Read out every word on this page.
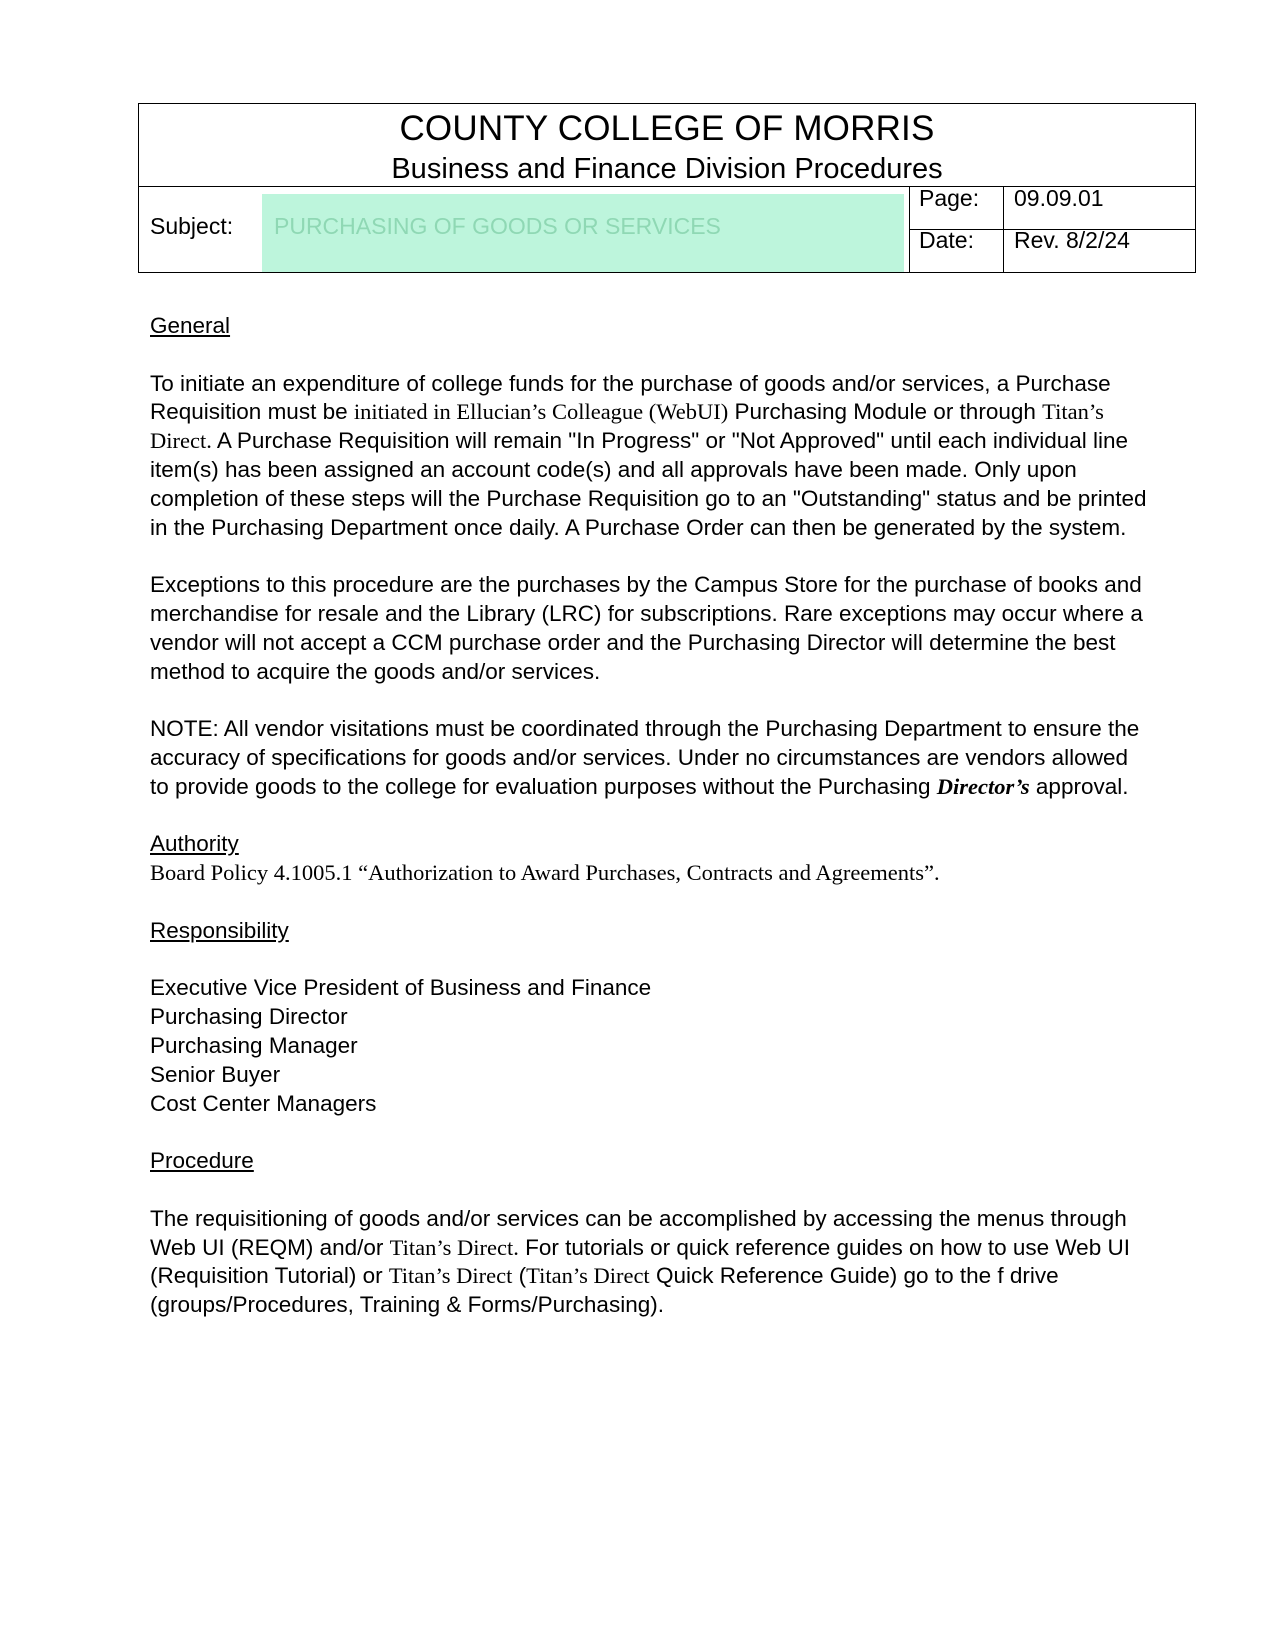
COUNTY COLLEGE OF MORRIS
Business and Finance Division Procedures
Subject: PURCHASING OF GOODS OR SERVICES
Page: 09.09.01
Date: Rev. 8/2/24

General

To initiate an expenditure of college funds for the purchase of goods and/or services, a Purchase Requisition must be initiated in Ellucian’s Colleague (WebUI) Purchasing Module or through Titan’s Direct. A Purchase Requisition will remain "In Progress" or "Not Approved" until each individual line item(s) has been assigned an account code(s) and all approvals have been made. Only upon completion of these steps will the Purchase Requisition go to an "Outstanding" status and be printed in the Purchasing Department once daily. A Purchase Order can then be generated by the system.

Exceptions to this procedure are the purchases by the Campus Store for the purchase of books and merchandise for resale and the Library (LRC) for subscriptions. Rare exceptions may occur where a vendor will not accept a CCM purchase order and the Purchasing Director will determine the best method to acquire the goods and/or services.

NOTE: All vendor visitations must be coordinated through the Purchasing Department to ensure the accuracy of specifications for goods and/or services. Under no circumstances are vendors allowed to provide goods to the college for evaluation purposes without the Purchasing Director’s approval.

Authority

Board Policy 4.1005.1 “Authorization to Award Purchases, Contracts and Agreements”.

Responsibility

Executive Vice President of Business and Finance

Purchasing Director

Purchasing Manager

Senior Buyer

Cost Center Managers

Procedure

The requisitioning of goods and/or services can be accomplished by accessing the menus through Web UI (REQM) and/or Titan’s Direct. For tutorials or quick reference guides on how to use Web UI (Requisition Tutorial) or Titan’s Direct (Titan’s Direct Quick Reference Guide) go to the f drive (groups/Procedures, Training & Forms/Purchasing).
